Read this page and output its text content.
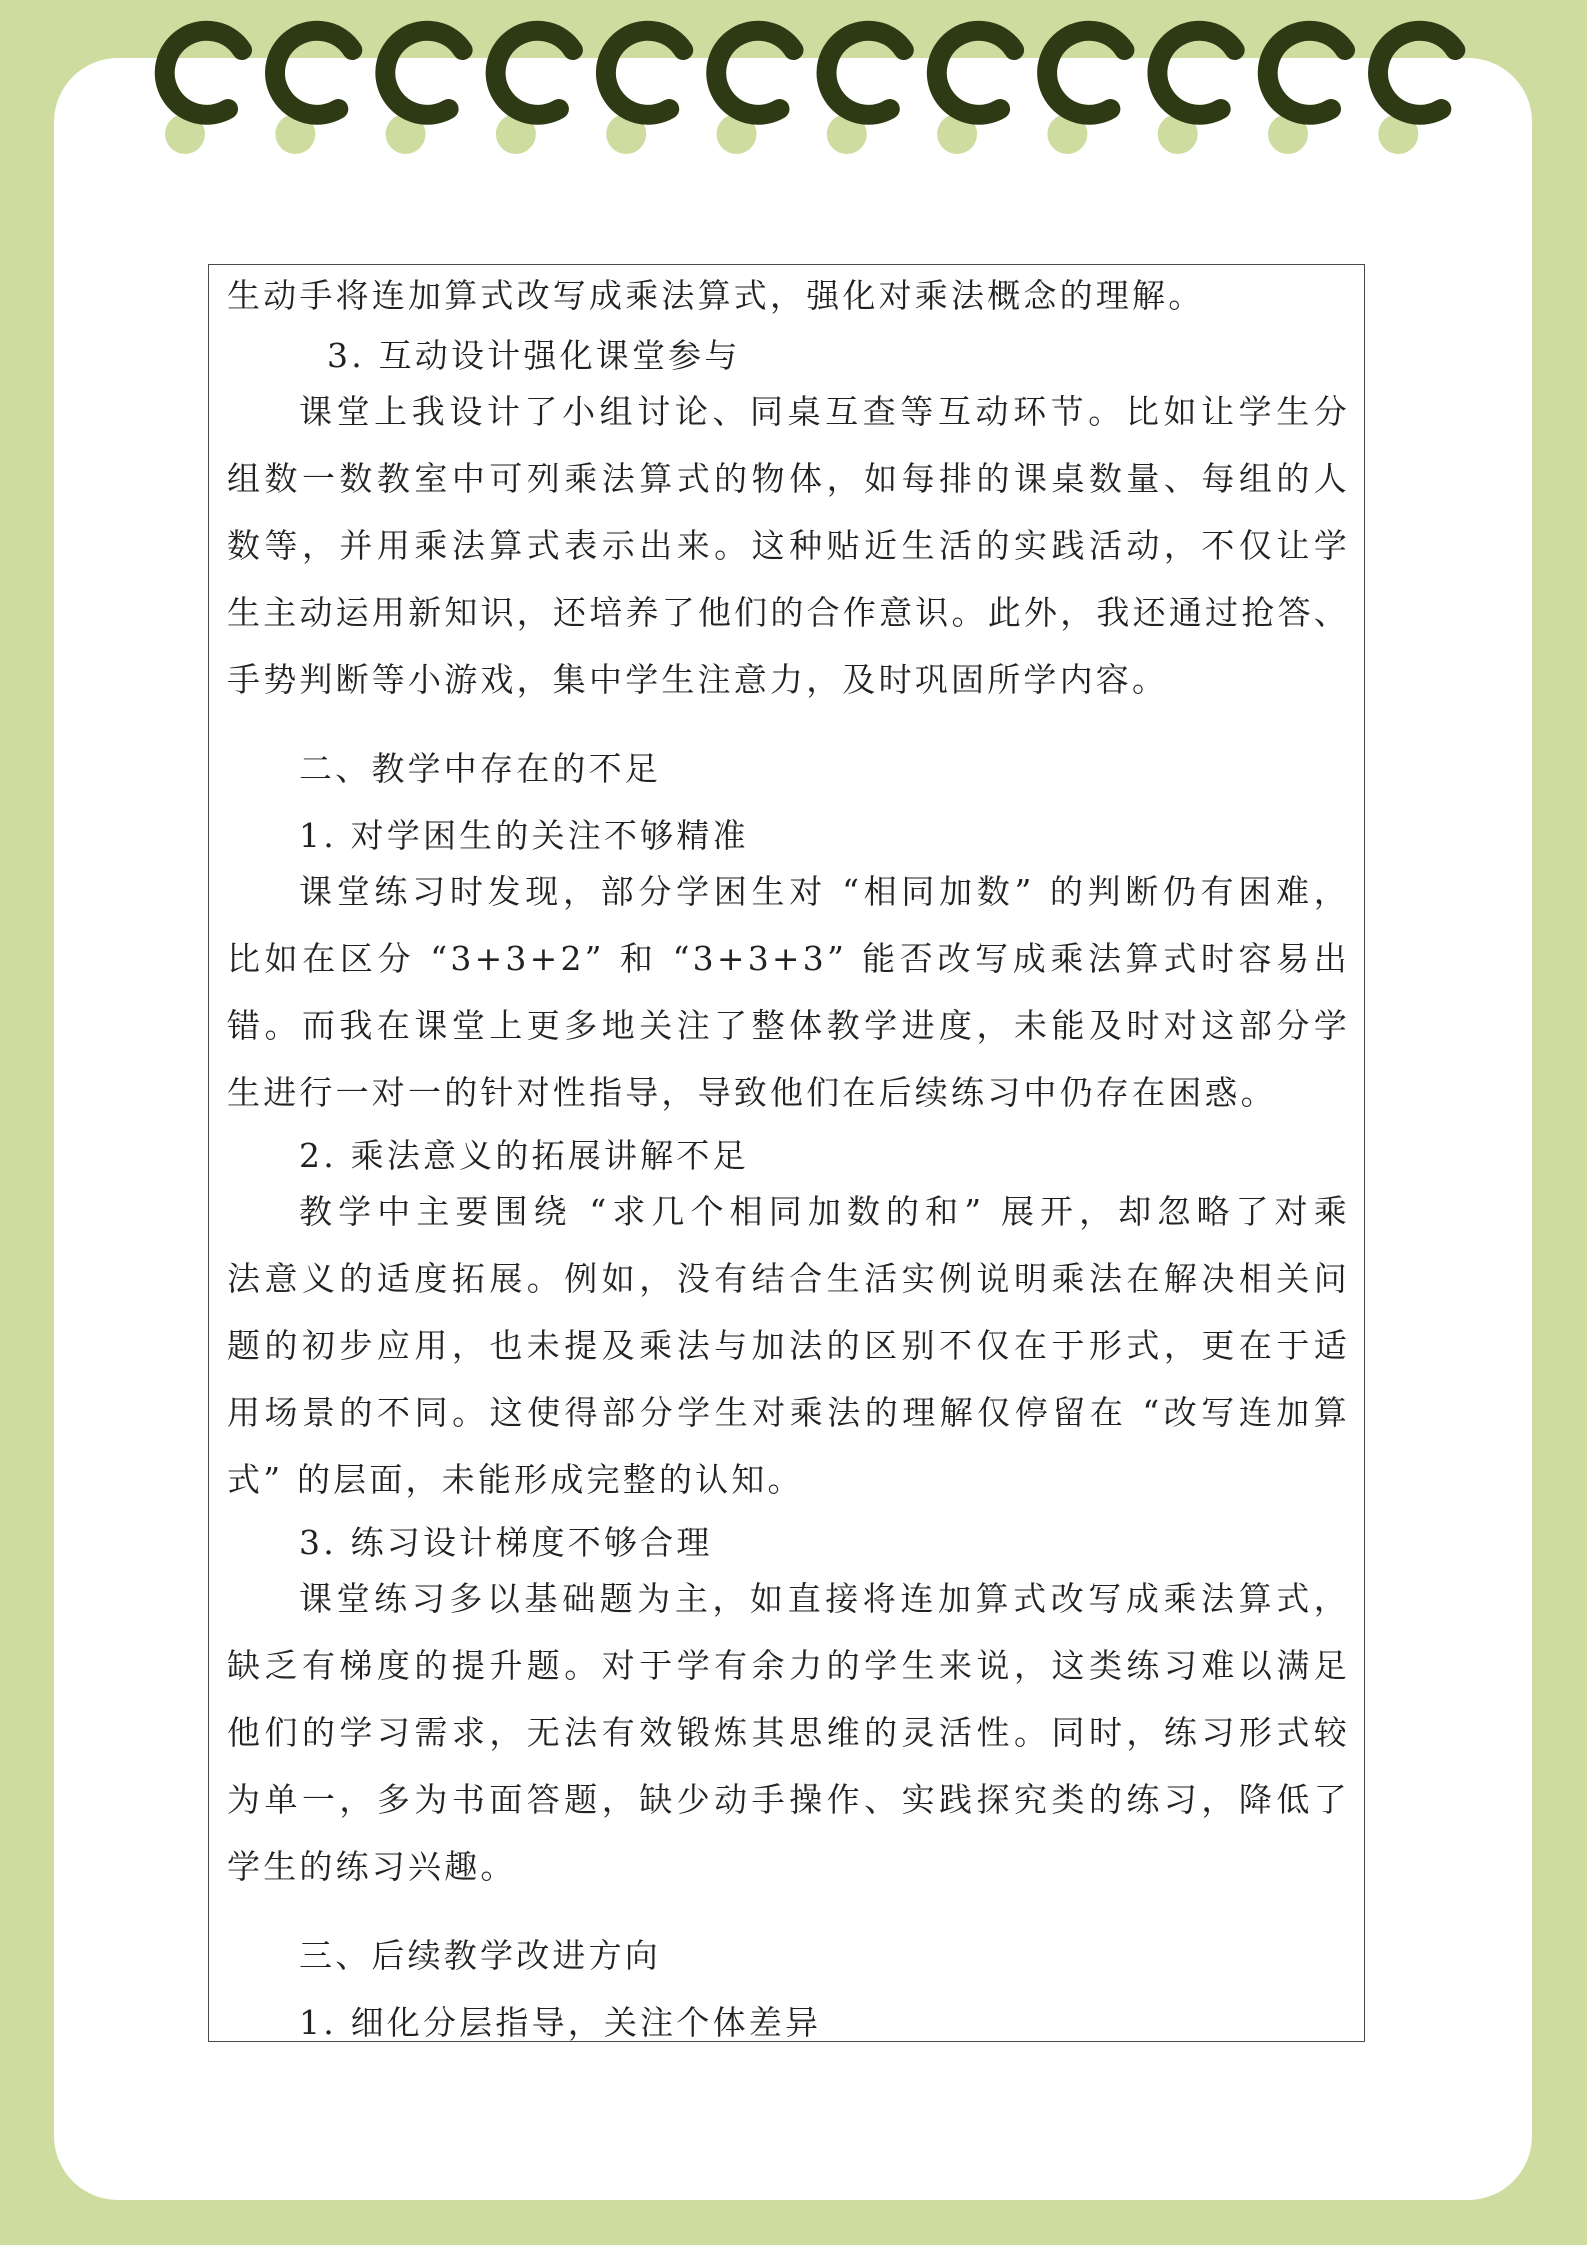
生动手将连加算式改写成乘法算式，强化对乘法概念的理解。
3. 互动设计强化课堂参与
课堂上我设计了小组讨论、同桌互查等互动环节。比如让学生分
组数一数教室中可列乘法算式的物体，如每排的课桌数量、每组的人
数等，并用乘法算式表示出来。这种贴近生活的实践活动，不仅让学
生主动运用新知识，还培养了他们的合作意识。此外，我还通过抢答、
手势判断等小游戏，集中学生注意力，及时巩固所学内容。
二、教学中存在的不足
1. 对学困生的关注不够精准
课堂练习时发现，部分学困生对 “相同加数” 的判断仍有困难，
比如在区分 “3+3+2” 和 “3+3+3” 能否改写成乘法算式时容易出
错。而我在课堂上更多地关注了整体教学进度，未能及时对这部分学
生进行一对一的针对性指导，导致他们在后续练习中仍存在困惑。
2. 乘法意义的拓展讲解不足
教学中主要围绕 “求几个相同加数的和” 展开，却忽略了对乘
法意义的适度拓展。例如，没有结合生活实例说明乘法在解决相关问
题的初步应用，也未提及乘法与加法的区别不仅在于形式，更在于适
用场景的不同。这使得部分学生对乘法的理解仅停留在 “改写连加算
式” 的层面，未能形成完整的认知。
3. 练习设计梯度不够合理
课堂练习多以基础题为主，如直接将连加算式改写成乘法算式，
缺乏有梯度的提升题。对于学有余力的学生来说，这类练习难以满足
他们的学习需求，无法有效锻炼其思维的灵活性。同时，练习形式较
为单一，多为书面答题，缺少动手操作、实践探究类的练习，降低了
学生的练习兴趣。
三、后续教学改进方向
1. 细化分层指导，关注个体差异
